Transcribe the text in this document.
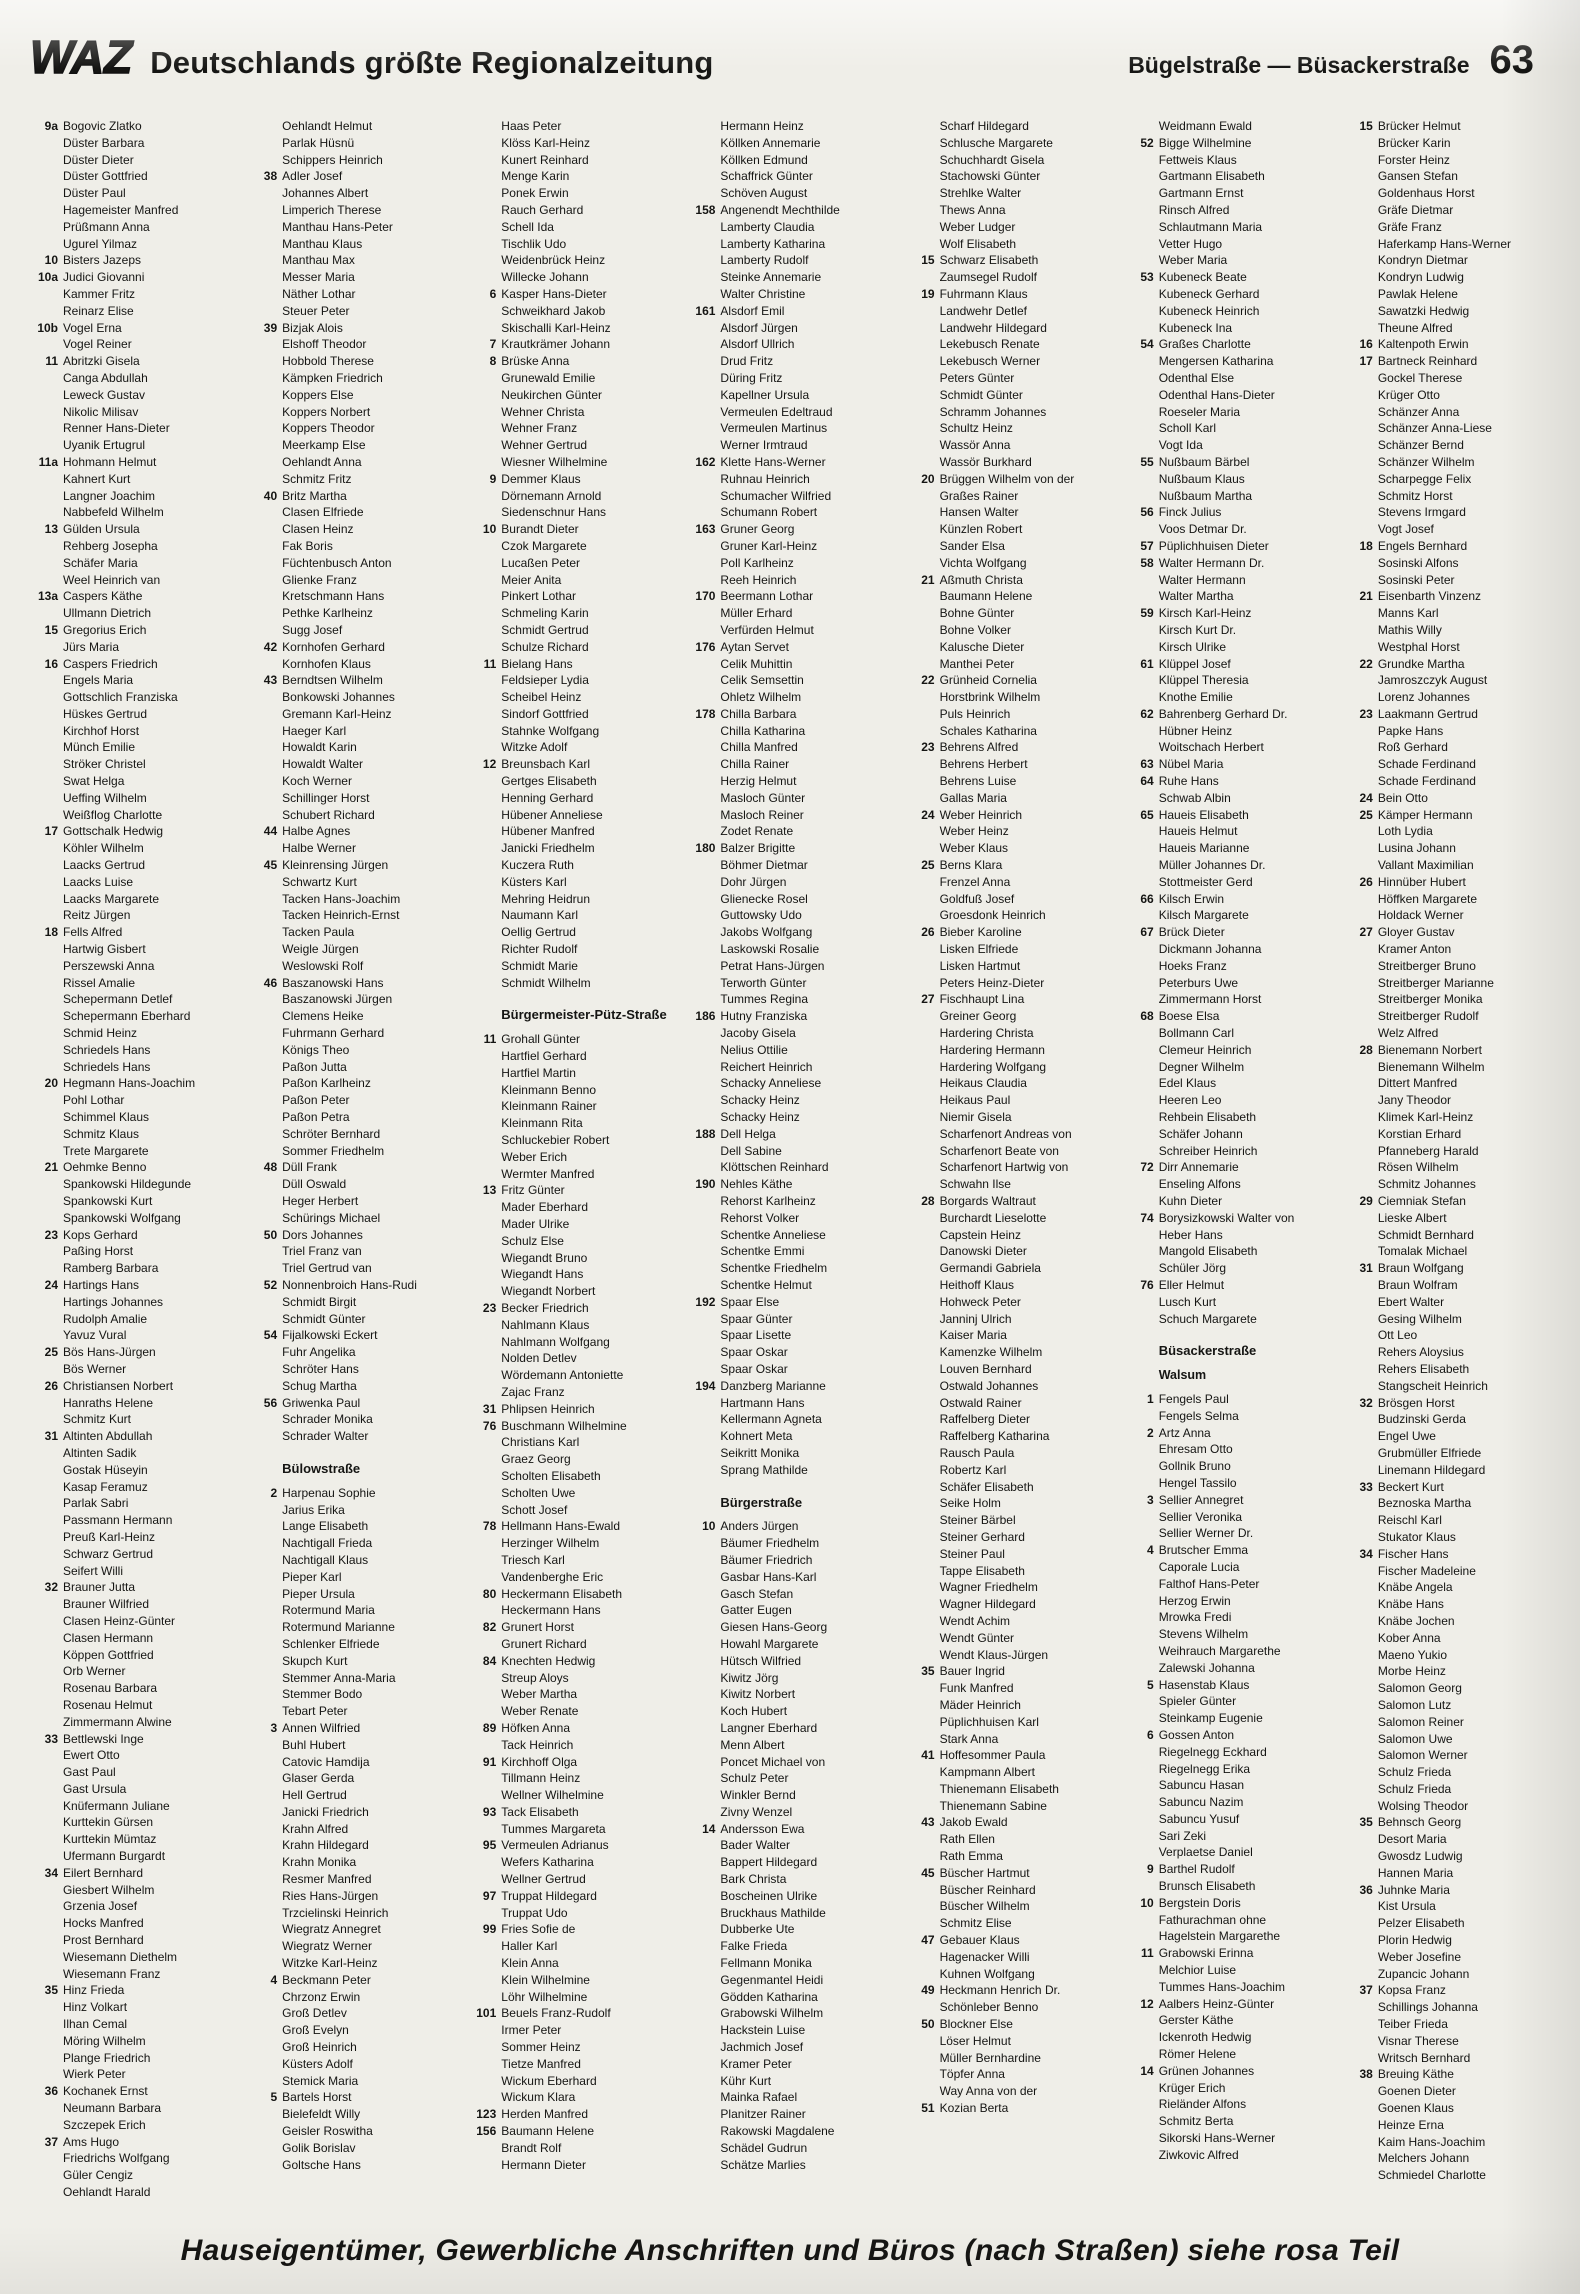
WAZ Deutschlands größte Regionalzeitung	Bügelstraße — Büsackerstraße 63
9a Bogovic Zlatko
Düster Barbara
Düster Dieter
Düster Gottfried
Düster Paul
Hagemeister Manfred
Prüßmann Anna
Ugurel Yilmaz
10 Bisters Jazeps
10a Judici Giovanni
Kammer Fritz
Reinarz Elise
10b Vogel Erna
Vogel Reiner
11 Abritzki Gisela
Canga Abdullah
Leweck Gustav
Nikolic Milisav
Renner Hans-Dieter
Uyanik Ertugrul
11a Hohmann Helmut
Kahnert Kurt
Langner Joachim
Nabbefeld Wilhelm
13 Gülden Ursula
Rehberg Josepha
Schäfer Maria
Weel Heinrich van
13a Caspers Käthe
Ullmann Dietrich
15 Gregorius Erich
Jürs Maria
16 Caspers Friedrich
Engels Maria
Gottschlich Franziska
Hüskes Gertrud
Kirchhof Horst
Münch Emilie
Ströker Christel
Swat Helga
Ueffing Wilhelm
Weißflog Charlotte
17 Gottschalk Hedwig
Köhler Wilhelm
Laacks Gertrud
Laacks Luise
Laacks Margarete
Reitz Jürgen
18 Fells Alfred
Hartwig Gisbert
Perszewski Anna
Rissel Amalie
Schepermann Detlef
Schepermann Eberhard
Schmid Heinz
Schriedels Hans
Schriedels Hans
20 Hegmann Hans-Joachim
Pohl Lothar
Schimmel Klaus
Schmitz Klaus
Trete Margarete
21 Oehmke Benno
Spankowski Hildegunde
Spankowski Kurt
Spankowski Wolfgang
23 Kops Gerhard
Paßing Horst
Ramberg Barbara
24 Hartings Hans
Hartings Johannes
Rudolph Amalie
Yavuz Vural
25 Bös Hans-Jürgen
Bös Werner
26 Christiansen Norbert
Hanraths Helene
Schmitz Kurt
31 Altinten Abdullah
Altinten Sadik
Gostak Hüseyin
Kasap Feramuz
Parlak Sabri
Passmann Hermann
Preuß Karl-Heinz
Schwarz Gertrud
Seifert Willi
32 Brauner Jutta
Brauner Wilfried
Clasen Heinz-Günter
Clasen Hermann
Köppen Gottfried
Orb Werner
Rosenau Barbara
Rosenau Helmut
Zimmermann Alwine
33 Bettlewski Inge
Ewert Otto
Gast Paul
Gast Ursula
Knüfermann Juliane
Kurttekin Gürsen
Kurttekin Mümtaz
Ufermann Burgardt
34 Eilert Bernhard
Giesbert Wilhelm
Grzenia Josef
Hocks Manfred
Prost Bernhard
Wiesemann Diethelm
Wiesemann Franz
35 Hinz Frieda
Hinz Volkart
Ilhan Cemal
Möring Wilhelm
Plange Friedrich
Wierk Peter
36 Kochanek Ernst
Neumann Barbara
Szczepek Erich
37 Ams Hugo
Friedrichs Wolfgang
Güler Cengiz
Oehlandt Harald
Oehlandt Helmut
Parlak Hüsnü
Schippers Heinrich
38 Adler Josef
Johannes Albert
Limperich Therese
Manthau Hans-Peter
Manthau Klaus
Manthau Max
Messer Maria
Näther Lothar
Steuer Peter
39 Bizjak Alois
Elshoff Theodor
Hobbold Therese
Kämpken Friedrich
Koppers Else
Koppers Norbert
Koppers Theodor
Meerkamp Else
Oehlandt Anna
Schmitz Fritz
40 Britz Martha
Clasen Elfriede
Clasen Heinz
Fak Boris
Füchtenbusch Anton
Glienke Franz
Kretschmann Hans
Pethke Karlheinz
Sugg Josef
42 Kornhofen Gerhard
Kornhofen Klaus
43 Berndtsen Wilhelm
Bonkowski Johannes
Gremann Karl-Heinz
Haeger Karl
Howaldt Karin
Howaldt Walter
Koch Werner
Schillinger Horst
Schubert Richard
44 Halbe Agnes
Halbe Werner
45 Kleinrensing Jürgen
Schwartz Kurt
Tacken Hans-Joachim
Tacken Heinrich-Ernst
Tacken Paula
Weigle Jürgen
Weslowski Rolf
46 Baszanowski Hans
Baszanowski Jürgen
Clemens Heike
Fuhrmann Gerhard
Königs Theo
Paßon Jutta
Paßon Karlheinz
Paßon Peter
Paßon Petra
Schröter Bernhard
Sommer Friedhelm
48 Düll Frank
Düll Oswald
Heger Herbert
Schürings Michael
50 Dors Johannes
Triel Franz van
Triel Gertrud van
52 Nonnenbroich Hans-Rudi
Schmidt Birgit
Schmidt Günter
54 Fijalkowski Eckert
Fuhr Angelika
Schröter Hans
Schug Martha
56 Griwenka Paul
Schrader Monika
Schrader Walter
Bülowstraße
2 Harpenau Sophie
Jarius Erika
Lange Elisabeth
Nachtigall Frieda
Nachtigall Klaus
Pieper Karl
Pieper Ursula
Rotermund Maria
Rotermund Marianne
Schlenker Elfriede
Skupch Kurt
Stemmer Anna-Maria
Stemmer Bodo
Tebart Peter
3 Annen Wilfried
Buhl Hubert
Catovic Hamdija
Glaser Gerda
Hell Gertrud
Janicki Friedrich
Krahn Alfred
Krahn Hildegard
Krahn Monika
Resmer Manfred
Ries Hans-Jürgen
Trzcielinski Heinrich
Wiegratz Annegret
Wiegratz Werner
Witzke Karl-Heinz
4 Beckmann Peter
Chrzonz Erwin
Groß Detlev
Groß Evelyn
Groß Heinrich
Küsters Adolf
Stemick Maria
5 Bartels Horst
Bielefeldt Willy
Geisler Roswitha
Golik Borislav
Goltsche Hans
Haas Peter
Klöss Karl-Heinz
Kunert Reinhard
Menge Karin
Ponek Erwin
Rauch Gerhard
Schell Ida
Tischlik Udo
Weidenbrück Heinz
Willecke Johann
6 Kasper Hans-Dieter
Schweikhard Jakob
Skischalli Karl-Heinz
7 Krautkrämer Johann
8 Brüske Anna
Grunewald Emilie
Neukirchen Günter
Wehner Christa
Wehner Franz
Wehner Gertrud
Wiesner Wilhelmine
9 Demmer Klaus
Dörnemann Arnold
Siedenschnur Hans
10 Burandt Dieter
Czok Margarete
Lucaßen Peter
Meier Anita
Pinkert Lothar
Schmeling Karin
Schmidt Gertrud
Schulze Richard
11 Bielang Hans
Feldsieper Lydia
Scheibel Heinz
Sindorf Gottfried
Stahnke Wolfgang
Witzke Adolf
12 Breunsbach Karl
Gertges Elisabeth
Henning Gerhard
Hübener Anneliese
Hübener Manfred
Janicki Friedhelm
Kuczera Ruth
Küsters Karl
Mehring Heidrun
Naumann Karl
Oellig Gertrud
Richter Rudolf
Schmidt Marie
Schmidt Wilhelm
Bürgermeister-Pütz-Straße
11 Grohall Günter
Hartfiel Gerhard
Hartfiel Martin
Kleinmann Benno
Kleinmann Rainer
Kleinmann Rita
Schluckebier Robert
Weber Erich
Wermter Manfred
13 Fritz Günter
Mader Eberhard
Mader Ulrike
Schulz Else
Wiegandt Bruno
Wiegandt Hans
Wiegandt Norbert
23 Becker Friedrich
Nahlmann Klaus
Nahlmann Wolfgang
Nolden Detlev
Wördemann Antoniette
Zajac Franz
31 Phlipsen Heinrich
76 Buschmann Wilhelmine
Christians Karl
Graez Georg
Scholten Elisabeth
Scholten Uwe
Schott Josef
78 Hellmann Hans-Ewald
Herzinger Wilhelm
Triesch Karl
Vandenberghe Eric
80 Heckermann Elisabeth
Heckermann Hans
82 Grunert Horst
Grunert Richard
84 Knechten Hedwig
Streup Aloys
Weber Martha
Weber Renate
89 Höfken Anna
Tack Heinrich
91 Kirchhoff Olga
Tillmann Heinz
Wellner Wilhelmine
93 Tack Elisabeth
Tummes Margareta
95 Vermeulen Adrianus
Wefers Katharina
Wellner Gertrud
97 Truppat Hildegard
Truppat Udo
99 Fries Sofie de
Haller Karl
Klein Anna
Klein Wilhelmine
Löhr Wilhelmine
101 Beuels Franz-Rudolf
Irmer Peter
Sommer Heinz
Tietze Manfred
Wickum Eberhard
Wickum Klara
123 Herden Manfred
156 Baumann Helene
Brandt Rolf
Hermann Dieter
Hermann Heinz
Köllken Annemarie
Köllken Edmund
Schaffrick Günter
Schöven August
158 Angenendt Mechthilde
Lamberty Claudia
Lamberty Katharina
Lamberty Rudolf
Steinke Annemarie
Walter Christine
161 Alsdorf Emil
Alsdorf Jürgen
Alsdorf Ullrich
Drud Fritz
Düring Fritz
Kapellner Ursula
Vermeulen Edeltraud
Vermeulen Martinus
Werner Irmtraud
162 Klette Hans-Werner
Ruhnau Heinrich
Schumacher Wilfried
Schumann Robert
163 Gruner Georg
Gruner Karl-Heinz
Poll Karlheinz
Reeh Heinrich
170 Beermann Lothar
Müller Erhard
Verfürden Helmut
176 Aytan Servet
Celik Muhittin
Celik Semsettin
Ohletz Wilhelm
178 Chilla Barbara
Chilla Katharina
Chilla Manfred
Chilla Rainer
Herzig Helmut
Masloch Günter
Masloch Reiner
Zodet Renate
180 Balzer Brigitte
Böhmer Dietmar
Dohr Jürgen
Glienecke Rosel
Guttowsky Udo
Jakobs Wolfgang
Laskowski Rosalie
Petrat Hans-Jürgen
Terworth Günter
Tummes Regina
186 Hutny Franziska
Jacoby Gisela
Nelius Ottilie
Reichert Heinrich
Schacky Anneliese
Schacky Heinz
Schacky Heinz
188 Dell Helga
Dell Sabine
Klöttschen Reinhard
190 Nehles Käthe
Rehorst Karlheinz
Rehorst Volker
Schentke Anneliese
Schentke Emmi
Schentke Friedhelm
Schentke Helmut
192 Spaar Else
Spaar Günter
Spaar Lisette
Spaar Oskar
Spaar Oskar
194 Danzberg Marianne
Hartmann Hans
Kellermann Agneta
Kohnert Meta
Seikritt Monika
Sprang Mathilde
Bürgerstraße
10 Anders Jürgen
Bäumer Friedhelm
Bäumer Friedrich
Gasbar Hans-Karl
Gasch Stefan
Gatter Eugen
Giesen Hans-Georg
Howahl Margarete
Hütsch Wilfried
Kiwitz Jörg
Kiwitz Norbert
Koch Hubert
Langner Eberhard
Menn Albert
Poncet Michael von
Schulz Peter
Winkler Bernd
Zivny Wenzel
14 Andersson Ewa
Bader Walter
Bappert Hildegard
Bark Christa
Boscheinen Ulrike
Bruckhaus Mathilde
Dubberke Ute
Falke Frieda
Fellmann Monika
Gegenmantel Heidi
Gödden Katharina
Grabowski Wilhelm
Hackstein Luise
Jachmich Josef
Kramer Peter
Kühr Kurt
Mainka Rafael
Planitzer Rainer
Rakowski Magdalene
Schädel Gudrun
Schätze Marlies
Scharf Hildegard
Schlusche Margarete
Schuchhardt Gisela
Stachowski Günter
Strehlke Walter
Thews Anna
Weber Ludger
Wolf Elisabeth
15 Schwarz Elisabeth
Zaumsegel Rudolf
19 Fuhrmann Klaus
Landwehr Detlef
Landwehr Hildegard
Lekebusch Renate
Lekebusch Werner
Peters Günter
Schmidt Günter
Schramm Johannes
Schultz Heinz
Wassör Anna
Wassör Burkhard
20 Brüggen Wilhelm von der
Graßes Rainer
Hansen Walter
Künzlen Robert
Sander Elsa
Vichta Wolfgang
21 Aßmuth Christa
Baumann Helene
Bohne Günter
Bohne Volker
Kalusche Dieter
Manthei Peter
22 Grünheid Cornelia
Horstbrink Wilhelm
Puls Heinrich
Schales Katharina
23 Behrens Alfred
Behrens Herbert
Behrens Luise
Gallas Maria
24 Weber Heinrich
Weber Heinz
Weber Klaus
25 Berns Klara
Frenzel Anna
Goldfuß Josef
Groesdonk Heinrich
26 Bieber Karoline
Lisken Elfriede
Lisken Hartmut
Peters Heinz-Dieter
27 Fischhaupt Lina
Greiner Georg
Hardering Christa
Hardering Hermann
Hardering Wolfgang
Heikaus Claudia
Heikaus Paul
Niemir Gisela
Scharfenort Andreas von
Scharfenort Beate von
Scharfenort Hartwig von
Schwahn Ilse
28 Borgards Waltraut
Burchardt Lieselotte
Capstein Heinz
Danowski Dieter
Germandi Gabriela
Heithoff Klaus
Hohweck Peter
Janninj Ulrich
Kaiser Maria
Kamenzke Wilhelm
Louven Bernhard
Ostwald Johannes
Ostwald Rainer
Raffelberg Dieter
Raffelberg Katharina
Rausch Paula
Robertz Karl
Schäfer Elisabeth
Seike Holm
Steiner Bärbel
Steiner Gerhard
Steiner Paul
Tappe Elisabeth
Wagner Friedhelm
Wagner Hildegard
Wendt Achim
Wendt Günter
Wendt Klaus-Jürgen
35 Bauer Ingrid
Funk Manfred
Mäder Heinrich
Püplichhuisen Karl
Stark Anna
41 Hoffesommer Paula
Kampmann Albert
Thienemann Elisabeth
Thienemann Sabine
43 Jakob Ewald
Rath Ellen
Rath Emma
45 Büscher Hartmut
Büscher Reinhard
Büscher Wilhelm
Schmitz Elise
47 Gebauer Klaus
Hagenacker Willi
Kuhnen Wolfgang
49 Heckmann Henrich Dr.
Schönleber Benno
50 Blockner Else
Löser Helmut
Müller Bernhardine
Töpfer Anna
Way Anna von der
51 Kozian Berta
Weidmann Ewald
52 Bigge Wilhelmine
Fettweis Klaus
Gartmann Elisabeth
Gartmann Ernst
Rinsch Alfred
Schlautmann Maria
Vetter Hugo
Weber Maria
53 Kubeneck Beate
Kubeneck Gerhard
Kubeneck Heinrich
Kubeneck Ina
54 Graßes Charlotte
Mengersen Katharina
Odenthal Else
Odenthal Hans-Dieter
Roeseler Maria
Scholl Karl
Vogt Ida
55 Nußbaum Bärbel
Nußbaum Klaus
Nußbaum Martha
56 Finck Julius
Voos Detmar Dr.
57 Püplichhuisen Dieter
58 Walter Hermann Dr.
Walter Hermann
Walter Martha
59 Kirsch Karl-Heinz
Kirsch Kurt Dr.
Kirsch Ulrike
61 Klüppel Josef
Klüppel Theresia
Knothe Emilie
62 Bahrenberg Gerhard Dr.
Hübner Heinz
Woitschach Herbert
63 Nübel Maria
64 Ruhe Hans
Schwab Albin
65 Haueis Elisabeth
Haueis Helmut
Haueis Marianne
Müller Johannes Dr.
Stottmeister Gerd
66 Kilsch Erwin
Kilsch Margarete
67 Brück Dieter
Dickmann Johanna
Hoeks Franz
Peterburs Uwe
Zimmermann Horst
68 Boese Elsa
Bollmann Carl
Clemeur Heinrich
Degner Wilhelm
Edel Klaus
Heeren Leo
Rehbein Elisabeth
Schäfer Johann
Schreiber Heinrich
72 Dirr Annemarie
Enseling Alfons
Kuhn Dieter
74 Borysizkowski Walter von
Heber Hans
Mangold Elisabeth
Schüler Jörg
76 Eller Helmut
Lusch Kurt
Schuch Margarete
Büsackerstraße
Walsum
1 Fengels Paul
Fengels Selma
2 Artz Anna
Ehresam Otto
Gollnik Bruno
Hengel Tassilo
3 Sellier Annegret
Sellier Veronika
Sellier Werner Dr.
4 Brutscher Emma
Caporale Lucia
Falthof Hans-Peter
Herzog Erwin
Mrowka Fredi
Stevens Wilhelm
Weihrauch Margarethe
Zalewski Johanna
5 Hasenstab Klaus
Spieler Günter
Steinkamp Eugenie
6 Gossen Anton
Riegelnegg Eckhard
Riegelnegg Erika
Sabuncu Hasan
Sabuncu Nazim
Sabuncu Yusuf
Sari Zeki
Verplaetse Daniel
9 Barthel Rudolf
Brunsch Elisabeth
10 Bergstein Doris
Fathurachman ohne
Hagelstein Margarethe
11 Grabowski Erinna
Melchior Luise
Tummes Hans-Joachim
12 Aalbers Heinz-Günter
Gerster Käthe
Ickenroth Hedwig
Römer Helene
14 Grünen Johannes
Krüger Erich
Rieländer Alfons
Schmitz Berta
Sikorski Hans-Werner
Ziwkovic Alfred
15 Brücker Helmut
Brücker Karin
Forster Heinz
Gansen Stefan
Goldenhaus Horst
Gräfe Dietmar
Gräfe Franz
Haferkamp Hans-Werner
Kondryn Dietmar
Kondryn Ludwig
Pawlak Helene
Sawatzki Hedwig
Theune Alfred
16 Kaltenpoth Erwin
17 Bartneck Reinhard
Gockel Therese
Krüger Otto
Schänzer Anna
Schänzer Anna-Liese
Schänzer Bernd
Schänzer Wilhelm
Scharpegge Felix
Schmitz Horst
Stevens Irmgard
Vogt Josef
18 Engels Bernhard
Sosinski Alfons
Sosinski Peter
21 Eisenbarth Vinzenz
Manns Karl
Mathis Willy
Westphal Horst
22 Grundke Martha
Jamroszczyk August
Lorenz Johannes
23 Laakmann Gertrud
Papke Hans
Roß Gerhard
Schade Ferdinand
Schade Ferdinand
24 Bein Otto
25 Kämper Hermann
Loth Lydia
Lusina Johann
Vallant Maximilian
26 Hinnüber Hubert
Höffken Margarete
Holdack Werner
27 Gloyer Gustav
Kramer Anton
Streitberger Bruno
Streitberger Marianne
Streitberger Monika
Streitberger Rudolf
Welz Alfred
28 Bienemann Norbert
Bienemann Wilhelm
Dittert Manfred
Jany Theodor
Klimek Karl-Heinz
Korstian Erhard
Pfanneberg Harald
Rösen Wilhelm
Schmitz Johannes
29 Ciemniak Stefan
Lieske Albert
Schmidt Bernhard
Tomalak Michael
31 Braun Wolfgang
Braun Wolfram
Ebert Walter
Gesing Wilhelm
Ott Leo
Rehers Aloysius
Rehers Elisabeth
Stangscheit Heinrich
32 Brösgen Horst
Budzinski Gerda
Engel Uwe
Grubmüller Elfriede
Linemann Hildegard
33 Beckert Kurt
Beznoska Martha
Reischl Karl
Stukator Klaus
34 Fischer Hans
Fischer Madeleine
Knäbe Angela
Knäbe Hans
Knäbe Jochen
Kober Anna
Maeno Yukio
Morbe Heinz
Salomon Georg
Salomon Lutz
Salomon Reiner
Salomon Uwe
Salomon Werner
Schulz Frieda
Schulz Frieda
Wolsing Theodor
35 Behnsch Georg
Desort Maria
Gwosdz Ludwig
Hannen Maria
36 Juhnke Maria
Kist Ursula
Pelzer Elisabeth
Plorin Hedwig
Weber Josefine
Zupancic Johann
37 Kopsa Franz
Schillings Johanna
Teiber Frieda
Visnar Therese
Writsch Bernhard
38 Breuing Käthe
Goenen Dieter
Goenen Klaus
Heinze Erna
Kaim Hans-Joachim
Melchers Johann
Schmiedel Charlotte
Hauseigentümer, Gewerbliche Anschriften und Büros (nach Straßen) siehe rosa Teil
